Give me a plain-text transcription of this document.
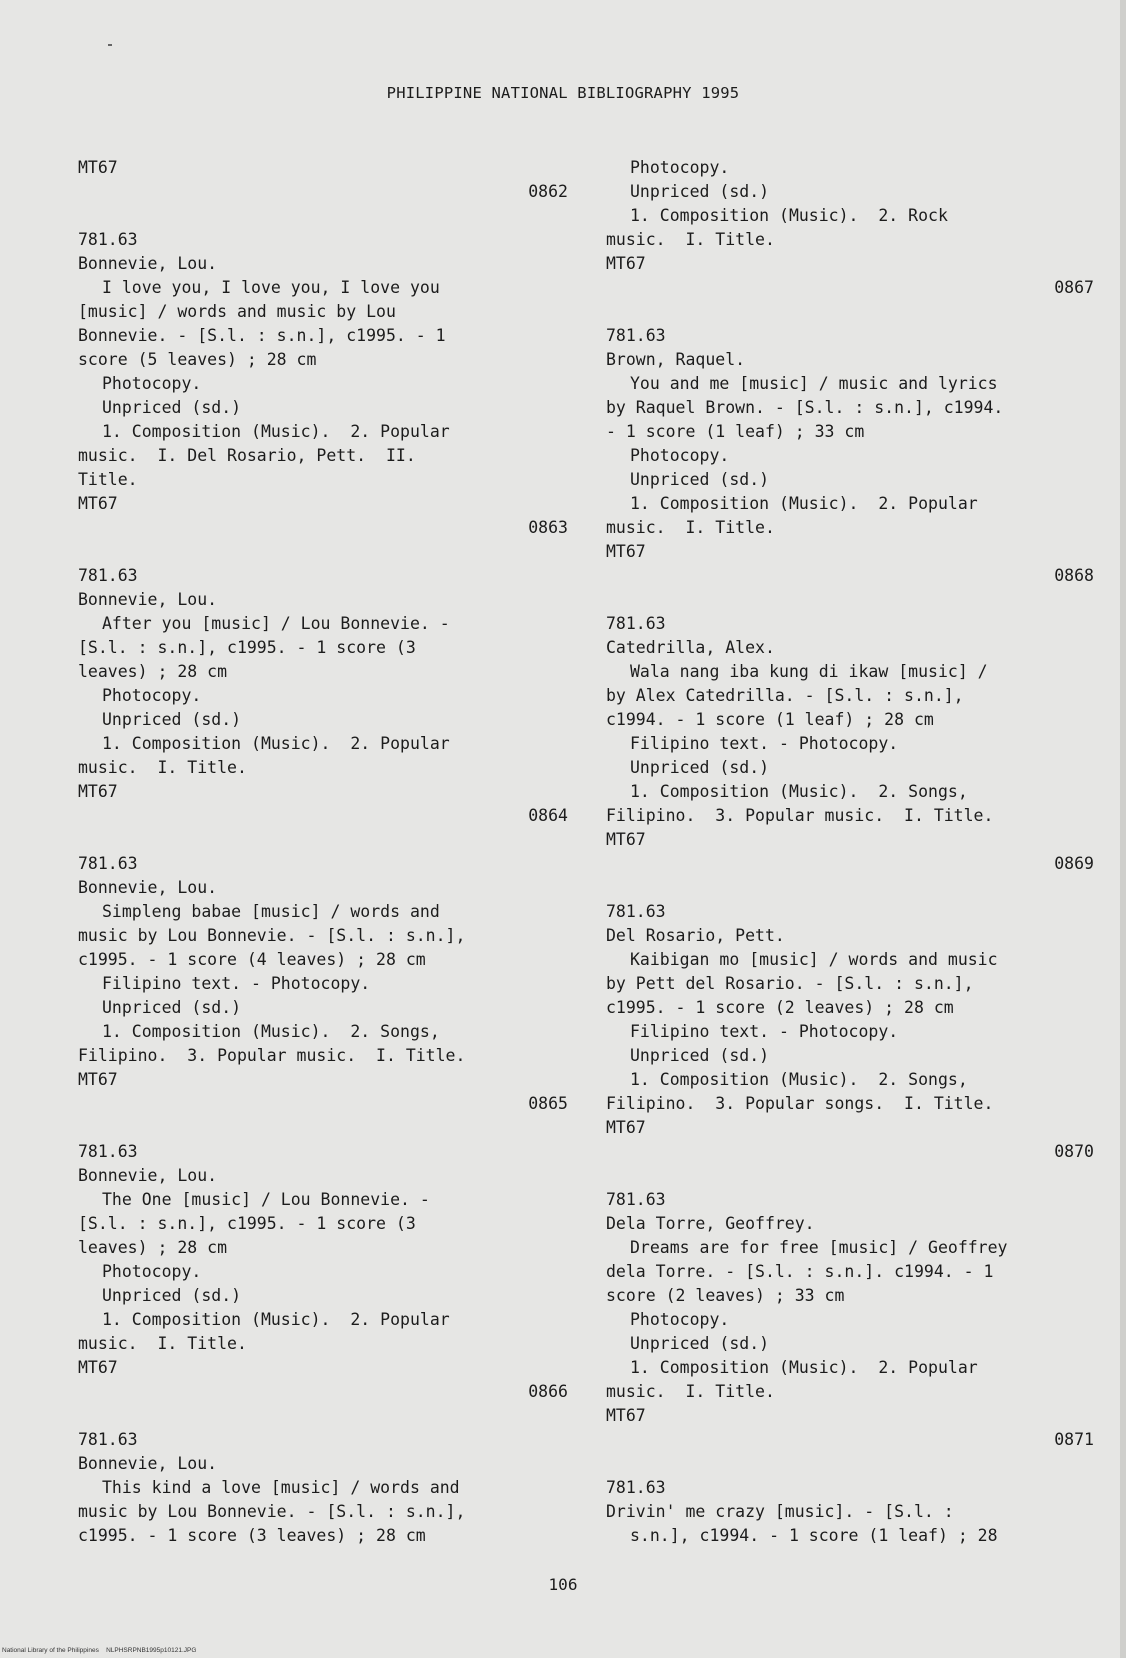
PHILIPPINE NATIONAL BIBLIOGRAPHY 1995
MT67
0862
781.63
Bonnevie, Lou.
I love you, I love you, I love you
[music] / words and music by Lou
Bonnevie. - [S.l. : s.n.], c1995. - 1
score (5 leaves) ; 28 cm
Photocopy.
Unpriced (sd.)
1. Composition (Music).  2. Popular
music.  I. Del Rosario, Pett.  II.
Title.
MT67
0863
781.63
Bonnevie, Lou.
After you [music] / Lou Bonnevie. -
[S.l. : s.n.], c1995. - 1 score (3
leaves) ; 28 cm
Photocopy.
Unpriced (sd.)
1. Composition (Music).  2. Popular
music.  I. Title.
MT67
0864
781.63
Bonnevie, Lou.
Simpleng babae [music] / words and
music by Lou Bonnevie. - [S.l. : s.n.],
c1995. - 1 score (4 leaves) ; 28 cm
Filipino text. - Photocopy.
Unpriced (sd.)
1. Composition (Music).  2. Songs,
Filipino.  3. Popular music.  I. Title.
MT67
0865
781.63
Bonnevie, Lou.
The One [music] / Lou Bonnevie. -
[S.l. : s.n.], c1995. - 1 score (3
leaves) ; 28 cm
Photocopy.
Unpriced (sd.)
1. Composition (Music).  2. Popular
music.  I. Title.
MT67
0866
781.63
Bonnevie, Lou.
This kind a love [music] / words and
music by Lou Bonnevie. - [S.l. : s.n.],
c1995. - 1 score (3 leaves) ; 28 cm
Photocopy.
Unpriced (sd.)
1. Composition (Music).  2. Rock
music.  I. Title.
MT67
0867
781.63
Brown, Raquel.
You and me [music] / music and lyrics
by Raquel Brown. - [S.l. : s.n.], c1994.
- 1 score (1 leaf) ; 33 cm
Photocopy.
Unpriced (sd.)
1. Composition (Music).  2. Popular
music.  I. Title.
MT67
0868
781.63
Catedrilla, Alex.
Wala nang iba kung di ikaw [music] /
by Alex Catedrilla. - [S.l. : s.n.],
c1994. - 1 score (1 leaf) ; 28 cm
Filipino text. - Photocopy.
Unpriced (sd.)
1. Composition (Music).  2. Songs,
Filipino.  3. Popular music.  I. Title.
MT67
0869
781.63
Del Rosario, Pett.
Kaibigan mo [music] / words and music
by Pett del Rosario. - [S.l. : s.n.],
c1995. - 1 score (2 leaves) ; 28 cm
Filipino text. - Photocopy.
Unpriced (sd.)
1. Composition (Music).  2. Songs,
Filipino.  3. Popular songs.  I. Title.
MT67
0870
781.63
Dela Torre, Geoffrey.
Dreams are for free [music] / Geoffrey
dela Torre. - [S.l. : s.n.]. c1994. - 1
score (2 leaves) ; 33 cm
Photocopy.
Unpriced (sd.)
1. Composition (Music).  2. Popular
music.  I. Title.
MT67
0871
781.63
Drivin' me crazy [music]. - [S.l. :
s.n.], c1994. - 1 score (1 leaf) ; 28
106
National Library of the Philippines NLPHSRPNB1995p10121.JPG
